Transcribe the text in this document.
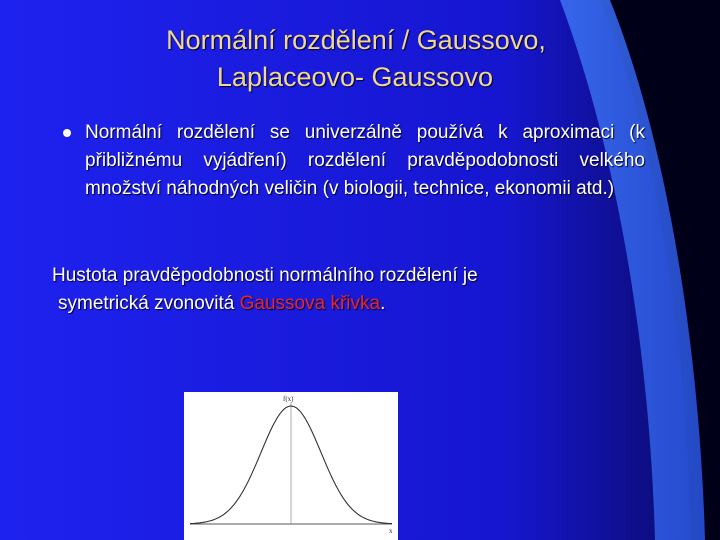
Normální rozdělení / Gaussovo,
Laplaceovo- Gaussovo
Normální rozdělení se univerzálně používá k aproximaci (k přibližnému vyjádření) rozdělení pravděpodobnosti velkého množství náhodných veličin (v biologii, technice, ekonomii atd.)
Hustota pravděpodobnosti normálního rozdělení je
symetrická zvonovitá Gaussova křivka.
f(x)
x
